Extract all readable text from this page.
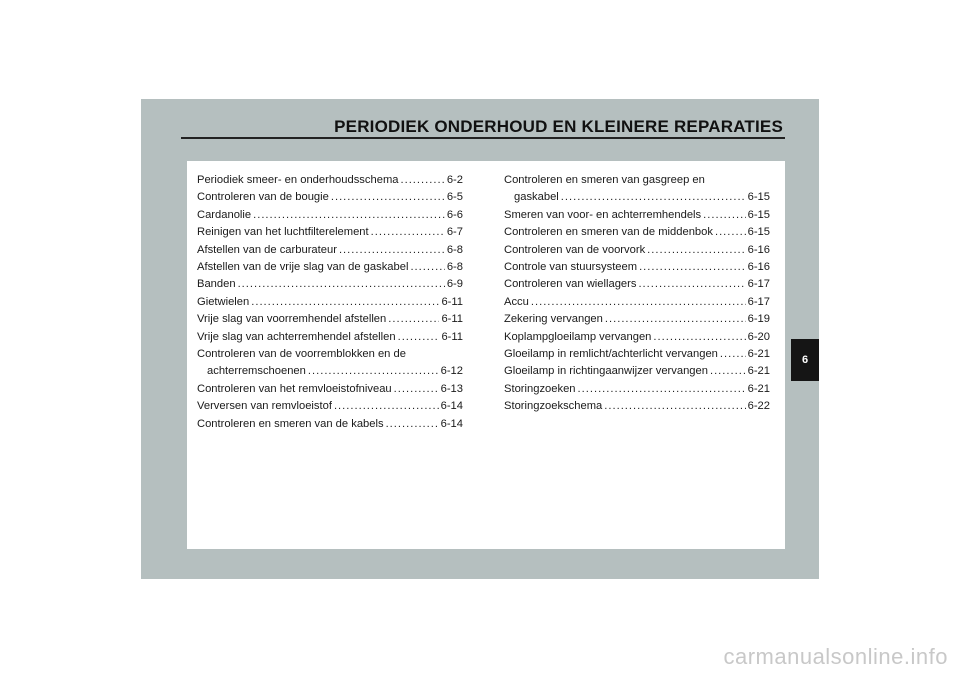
PERIODIEK ONDERHOUD EN KLEINERE REPARATIES
Periodiek smeer- en onderhoudsschema .....	6-2
Controleren van de bougie .....	6-5
Cardanolie .....	6-6
Reinigen van het luchtfilterelement .....	6-7
Afstellen van de carburateur .....	6-8
Afstellen van de vrije slag van de gaskabel .....	6-8
Banden .....	6-9
Gietwielen .....	6-11
Vrije slag van voorremhendel afstellen .....	6-11
Vrije slag van achterremhendel afstellen .....	6-11
Controleren van de voorremblokken en de
achterremschoenen .....	6-12
Controleren van het remvloeistofniveau .....	6-13
Verversen van remvloeistof .....	6-14
Controleren en smeren van de kabels .....	6-14
Controleren en smeren van gasgreep en
gaskabel .....	6-15
Smeren van voor- en achterremhendels .....	6-15
Controleren en smeren van de middenbok .....	6-15
Controleren van de voorvork .....	6-16
Controle van stuursysteem .....	6-16
Controleren van wiellagers .....	6-17
Accu .....	6-17
Zekering vervangen .....	6-19
Koplampgloeilamp vervangen .....	6-20
Gloeilamp in remlicht/achterlicht vervangen .....	6-21
Gloeilamp in richtingaanwijzer vervangen .....	6-21
Storingzoeken .....	6-21
Storingzoekschema .....	6-22
6
carmanualsonline.info
